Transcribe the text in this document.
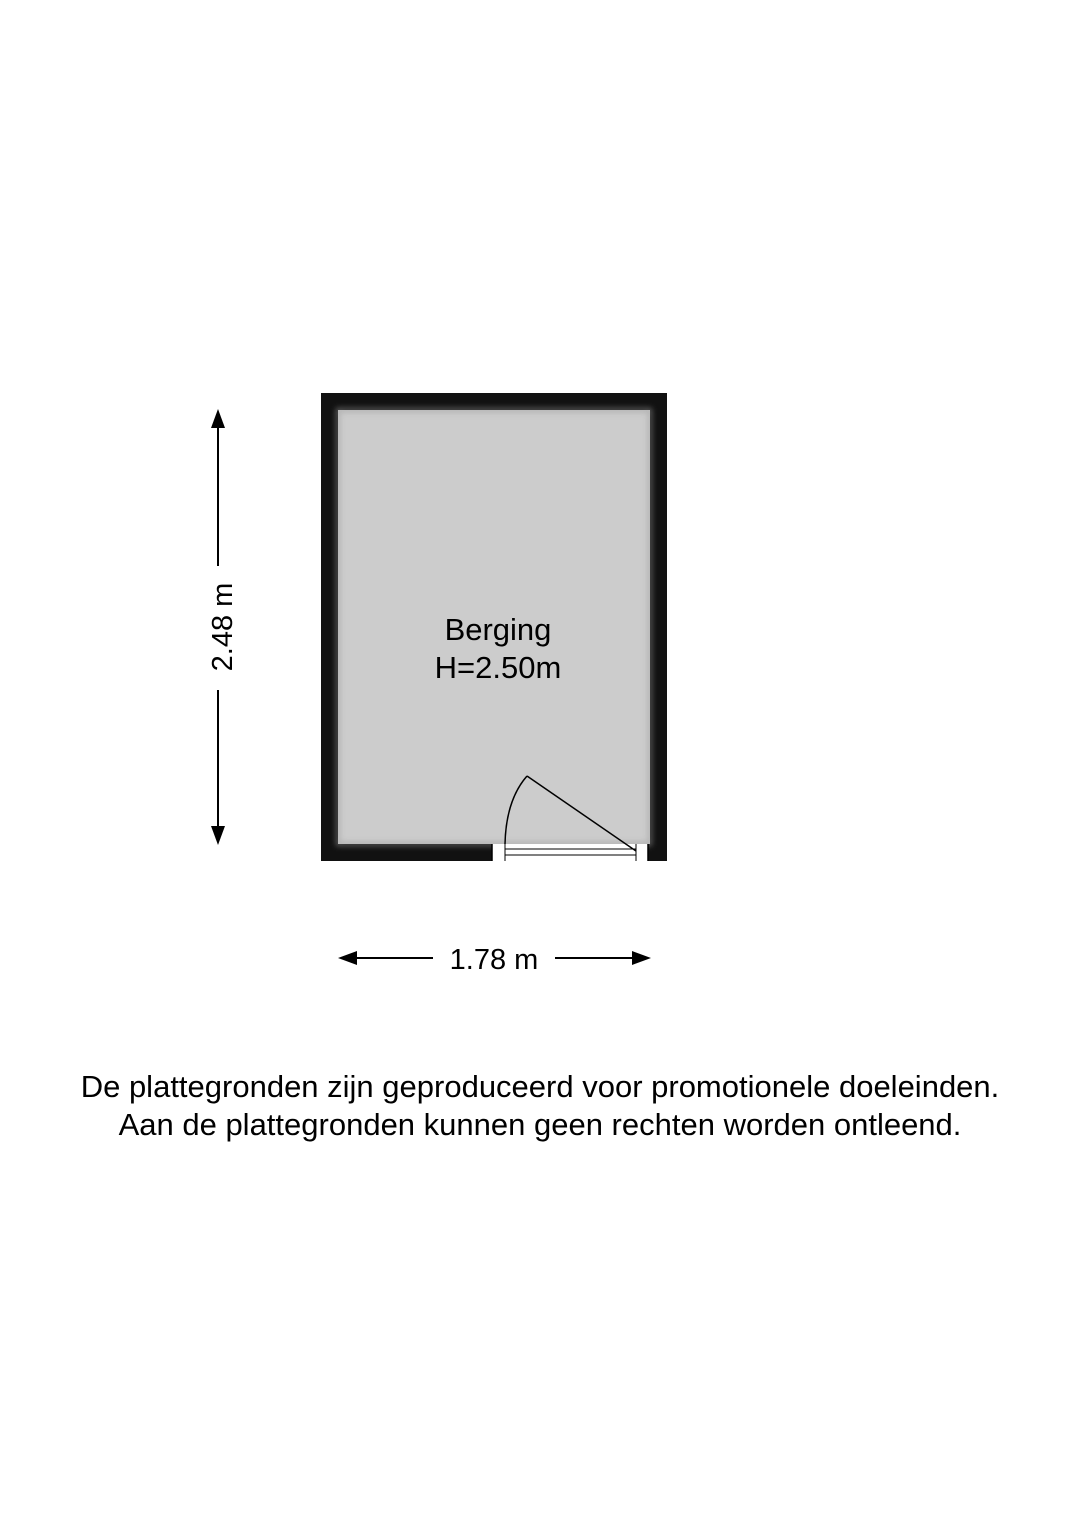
Berging
H=2.50m
2.48 m
1.78 m
De plattegronden zijn geproduceerd voor promotionele doeleinden.
Aan de plattegronden kunnen geen rechten worden ontleend.
